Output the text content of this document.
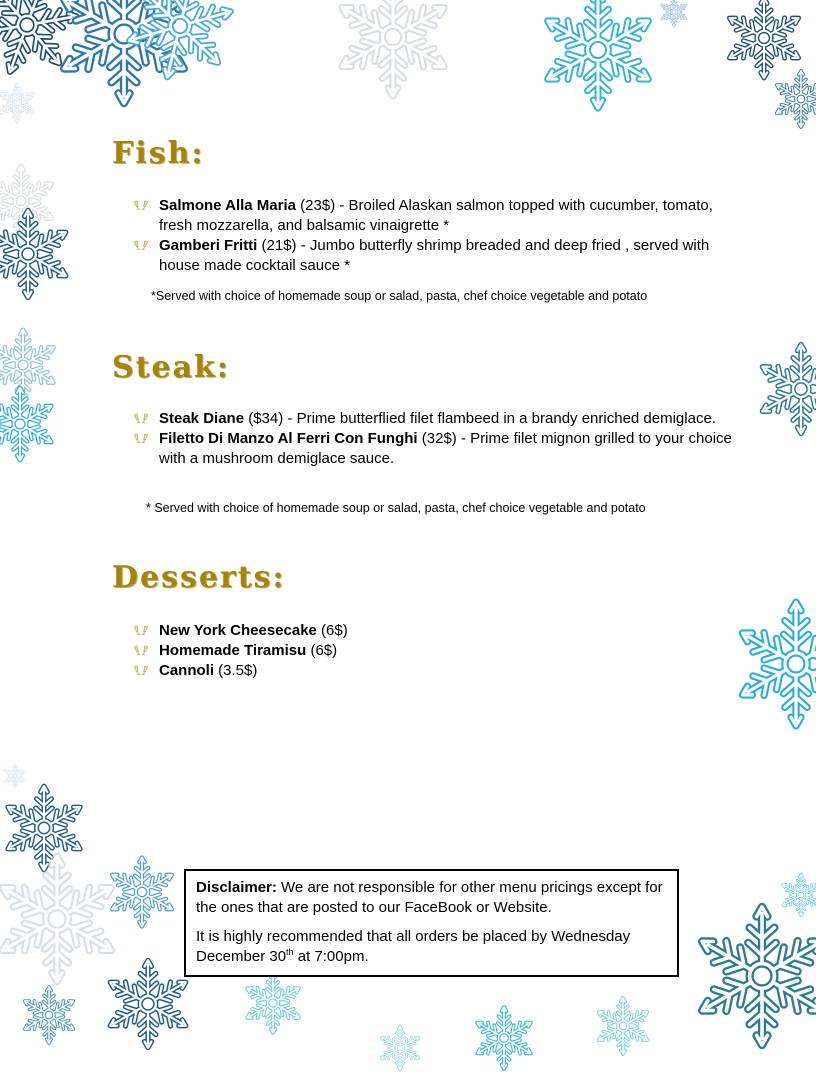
Fish:
Salmone Alla Maria (23$) - Broiled Alaskan salmon topped with cucumber, tomato, fresh mozzarella, and balsamic vinaigrette *
Gamberi Fritti (21$) - Jumbo butterfly shrimp breaded and deep fried , served with house made cocktail sauce *
*Served with choice of homemade soup or salad, pasta, chef choice vegetable and potato
Steak:
Steak Diane ($34) - Prime butterflied filet flambeed in a brandy enriched demiglace.
Filetto Di Manzo Al Ferri Con Funghi (32$) - Prime filet mignon grilled to your choice with a mushroom demiglace sauce.
* Served with choice of homemade soup or salad, pasta, chef choice vegetable and potato
Desserts:
New York Cheesecake (6$)
Homemade Tiramisu (6$)
Cannoli (3.5$)

Disclaimer: We are not responsible for other menu pricings except for the ones that are posted to our FaceBook or Website.

It is highly recommended that all orders be placed by Wednesday December 30th at 7:00pm.
